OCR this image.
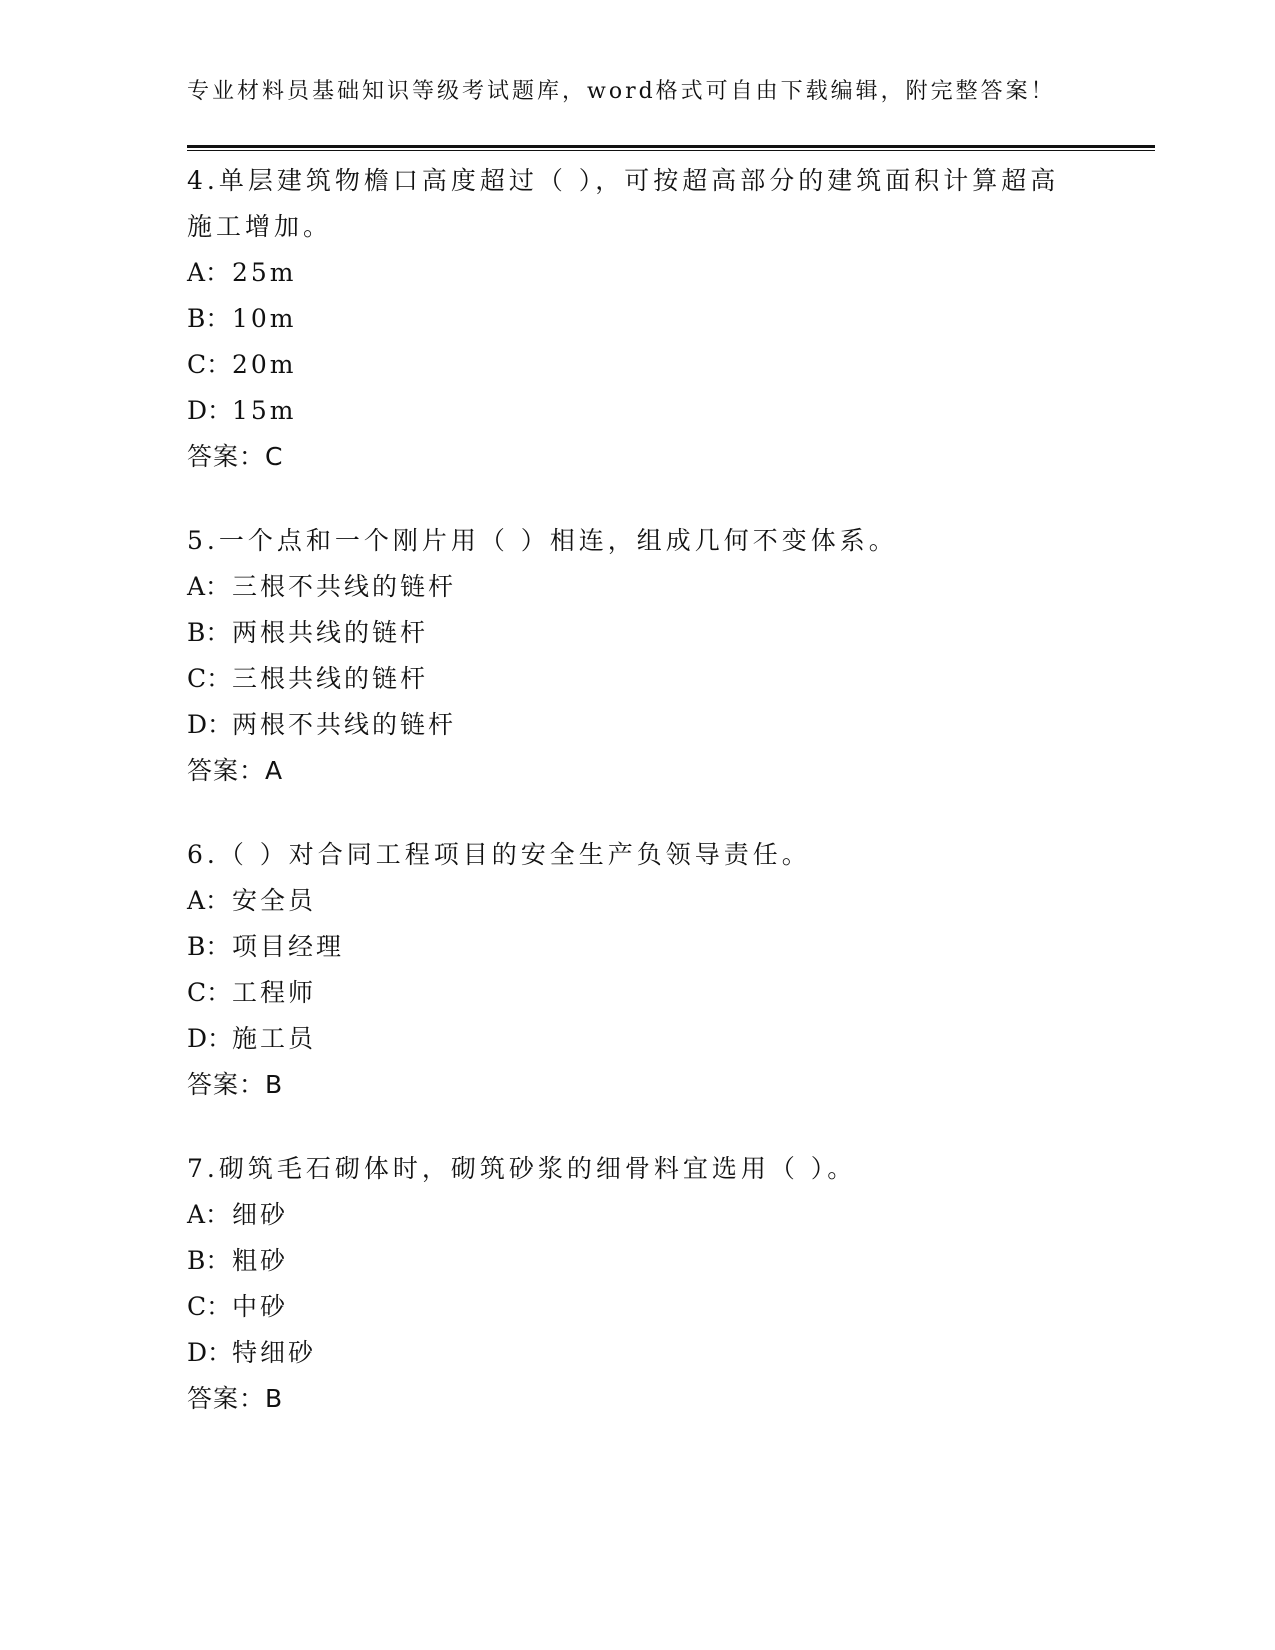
专业材料员基础知识等级考试题库，word格式可自由下载编辑，附完整答案！
4.单层建筑物檐口高度超过（ ），可按超高部分的建筑面积计算超高施工增加。
A：25m
B：10m
C：20m
D：15m
答案：C
5.一个点和一个刚片用（ ）相连，组成几何不变体系。
A：三根不共线的链杆
B：两根共线的链杆
C：三根共线的链杆
D：两根不共线的链杆
答案：A
6.（ ）对合同工程项目的安全生产负领导责任。
A：安全员
B：项目经理
C：工程师
D：施工员
答案：B
7.砌筑毛石砌体时，砌筑砂浆的细骨料宜选用（ ）。
A：细砂
B：粗砂
C：中砂
D：特细砂
答案：B
